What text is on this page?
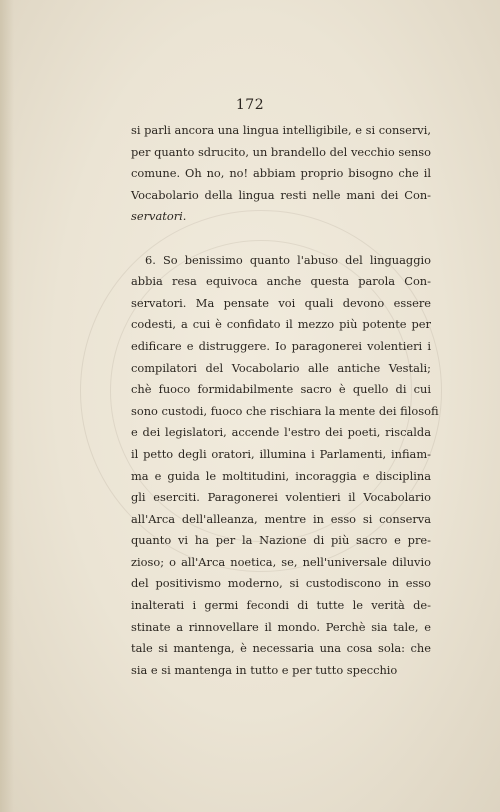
172
si parli ancora una lingua intelligibile, e si conservi,
per quanto sdrucito, un brandello del vecchio senso
comune. Oh no, no! abbiam proprio bisogno che il
Vocabolario della lingua resti nelle mani dei Con-
servatori.
6. So benissimo quanto l'abuso del linguaggio
abbia resa equivoca anche questa parola Con-
servatori. Ma pensate voi quali devono essere
codesti, a cui è confidato il mezzo più potente per
edificare e distruggere. Io paragonerei volentieri i
compilatori del Vocabolario alle antiche Vestali;
chè fuoco formidabilmente sacro è quello di cui
sono custodi, fuoco che rischiara la mente dei filosofi
e dei legislatori, accende l'estro dei poeti, riscalda
il petto degli oratori, illumina i Parlamenti, infiam-
ma e guida le moltitudini, incoraggia e disciplina
gli eserciti. Paragonerei volentieri il Vocabolario
all'Arca dell'alleanza, mentre in esso si conserva
quanto vi ha per la Nazione di più sacro e pre-
zioso; o all'Arca noetica, se, nell'universale diluvio
del positivismo moderno, si custodiscono in esso
inalterati i germi fecondi di tutte le verità de-
stinate a rinnovellare il mondo. Perchè sia tale, e
tale si mantenga, è necessaria una cosa sola: che
sia e si mantenga in tutto e per tutto specchio
